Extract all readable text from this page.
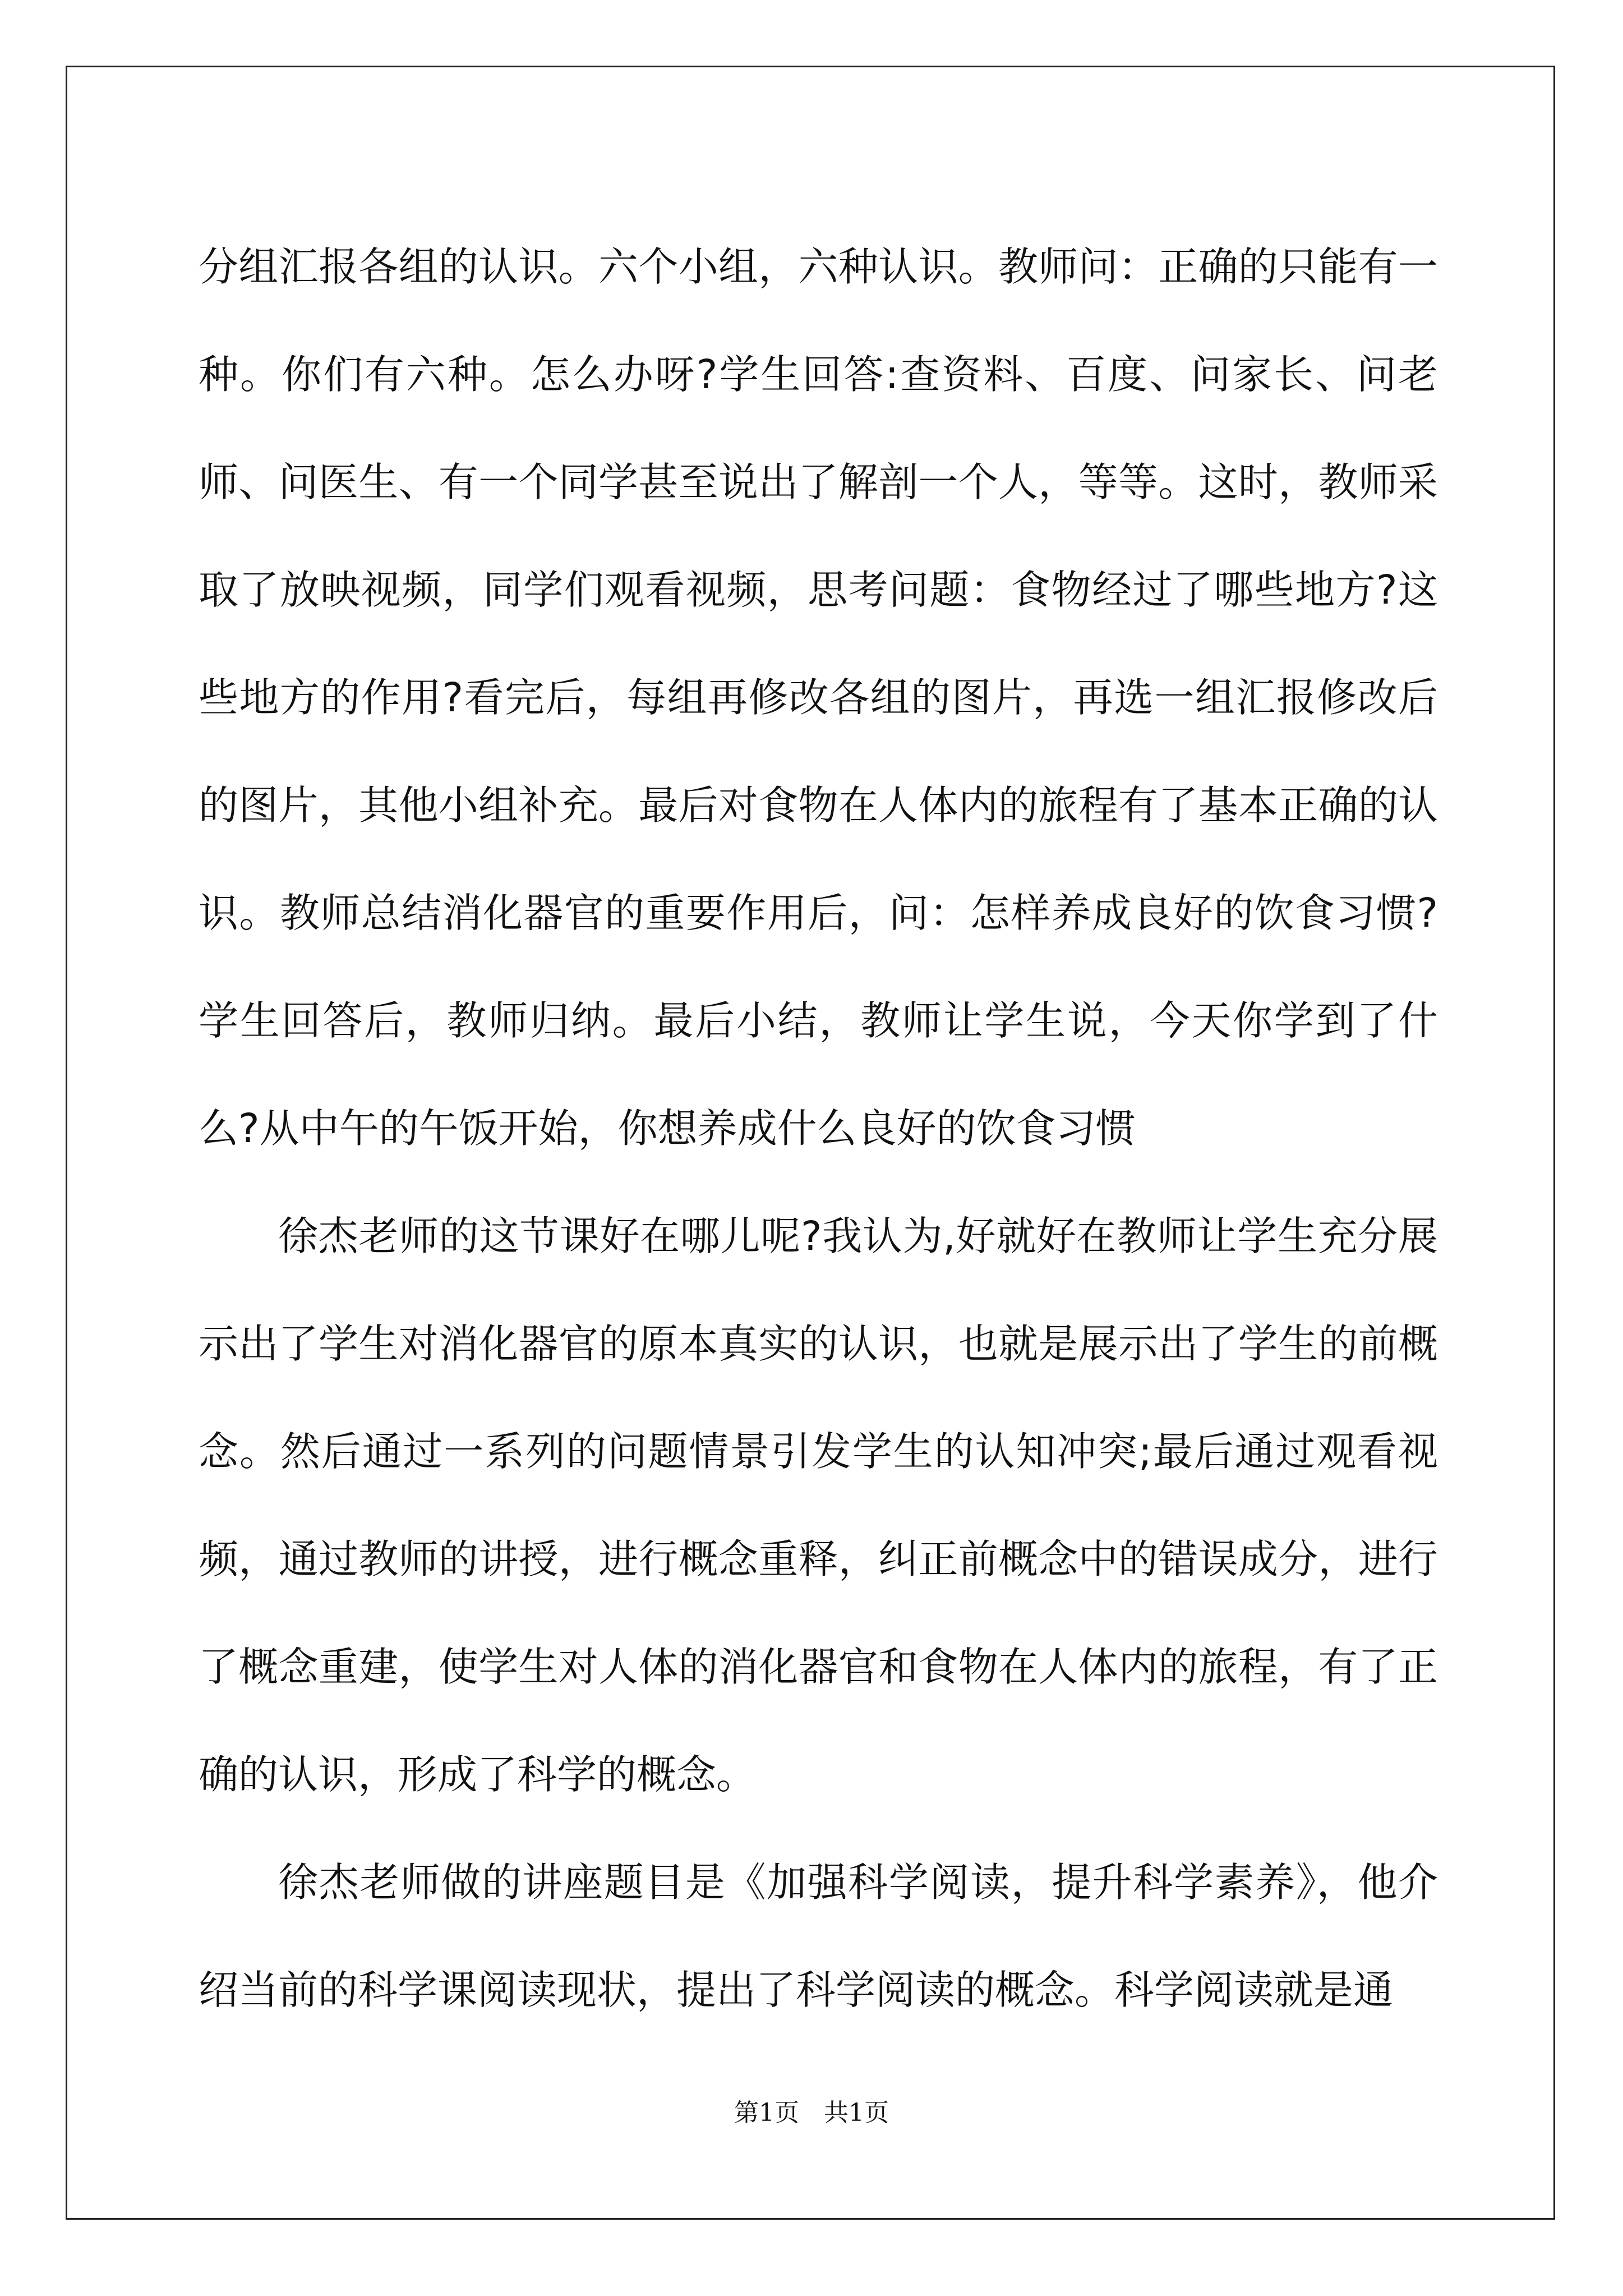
分组汇报各组的认识。六个小组，六种认识。教师问：正确的只能有一种。你们有六种。怎么办呀?学生回答:查资料、百度、问家长、问老师、问医生、有一个同学甚至说出了解剖一个人，等等。这时，教师采取了放映视频，同学们观看视频，思考问题：食物经过了哪些地方?这些地方的作用?看完后，每组再修改各组的图片，再选一组汇报修改后的图片，其他小组补充。最后对食物在人体内的旅程有了基本正确的认识。教师总结消化器官的重要作用后，问：怎样养成良好的饮食习惯?学生回答后，教师归纳。最后小结，教师让学生说，今天你学到了什么?从中午的午饭开始，你想养成什么良好的饮食习惯

徐杰老师的这节课好在哪儿呢?我认为,好就好在教师让学生充分展示出了学生对消化器官的原本真实的认识，也就是展示出了学生的前概念。然后通过一系列的问题情景引发学生的认知冲突;最后通过观看视频，通过教师的讲授，进行概念重释，纠正前概念中的错误成分，进行了概念重建，使学生对人体的消化器官和食物在人体内的旅程，有了正确的认识，形成了科学的概念。

徐杰老师做的讲座题目是《加强科学阅读，提升科学素养》，他介绍当前的科学课阅读现状，提出了科学阅读的概念。科学阅读就是通

第1页　共1页
